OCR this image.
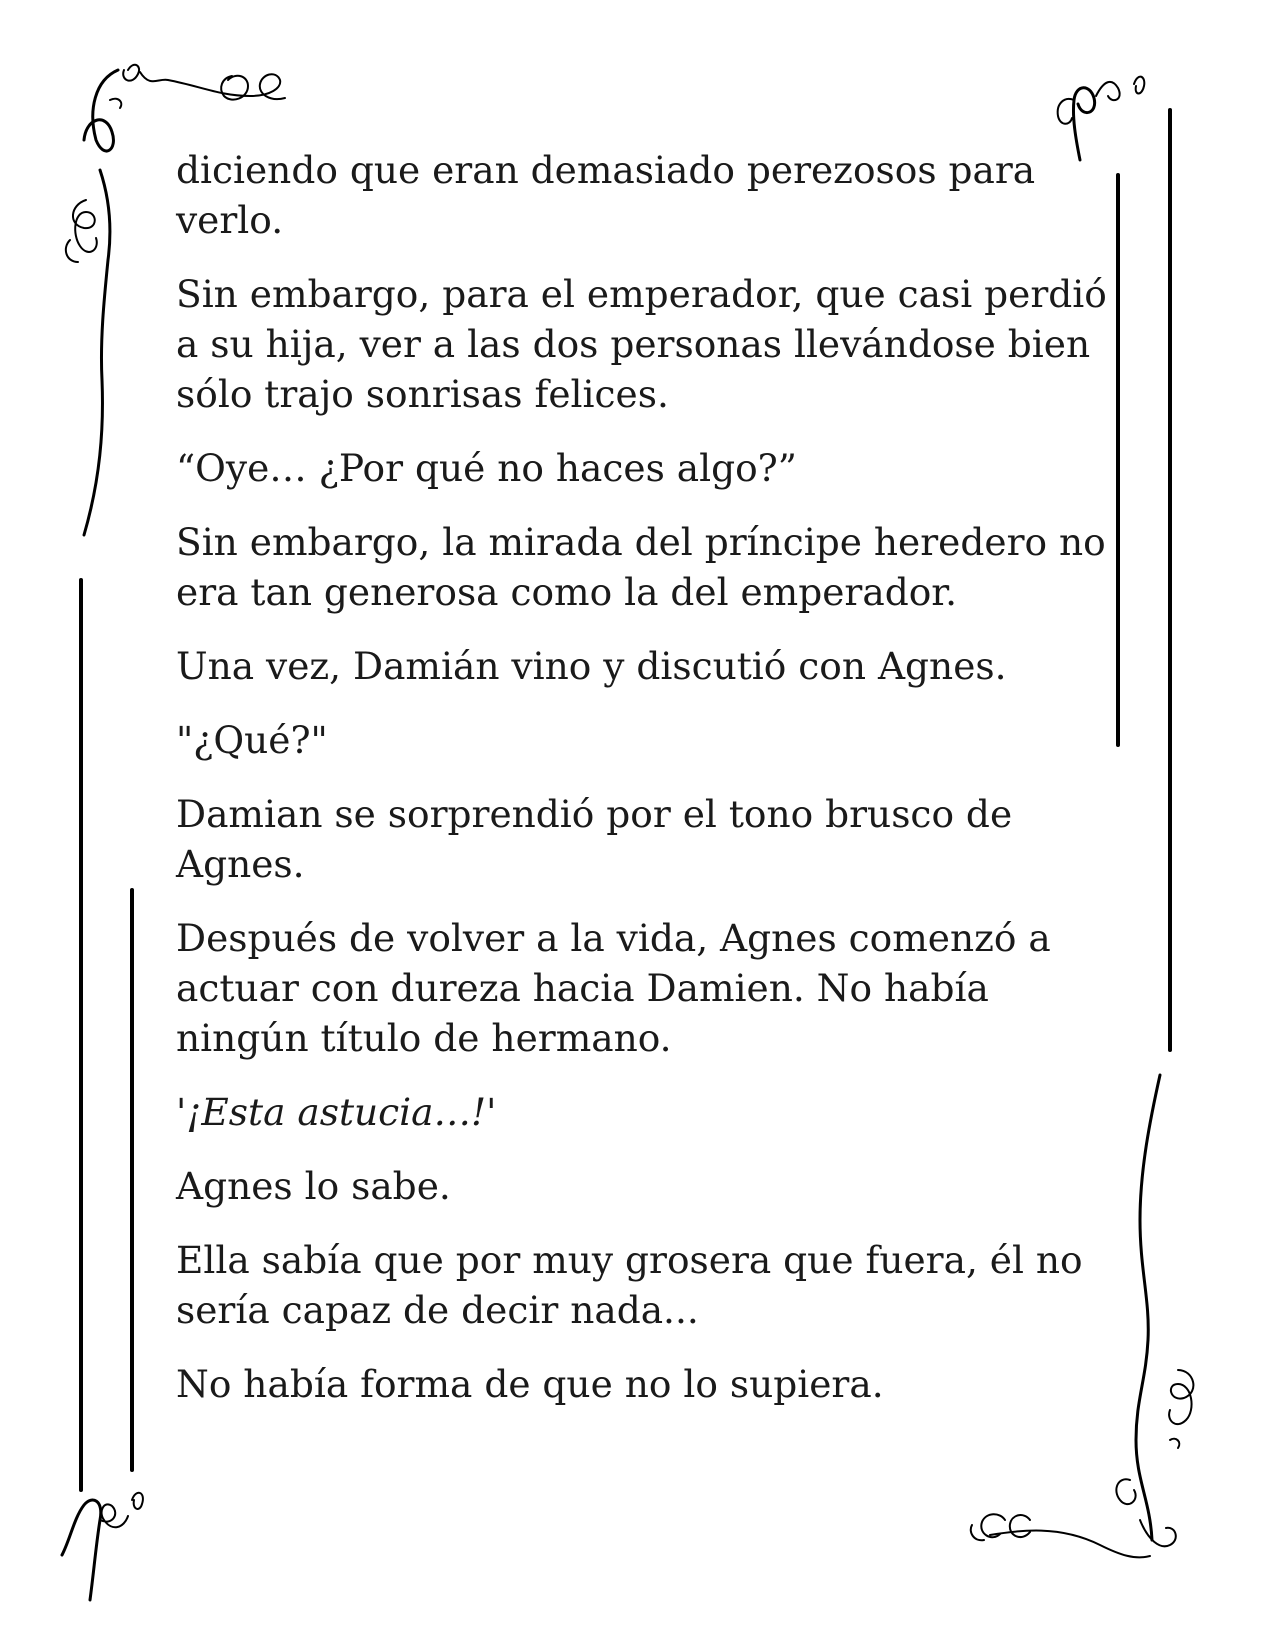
diciendo que eran demasiado perezosos para verlo.

Sin embargo, para el emperador, que casi perdió a su hija, ver a las dos personas llevándose bien sólo trajo sonrisas felices.

“Oye… ¿Por qué no haces algo?”

Sin embargo, la mirada del príncipe heredero no era tan generosa como la del emperador.

Una vez, Damián vino y discutió con Agnes.

"¿Qué?"

Damian se sorprendió por el tono brusco de Agnes.

Después de volver a la vida, Agnes comenzó a actuar con dureza hacia Damien. No había ningún título de hermano.

'¡Esta astucia…!'

Agnes lo sabe.

Ella sabía que por muy grosera que fuera, él no sería capaz de decir nada...

No había forma de que no lo supiera.
